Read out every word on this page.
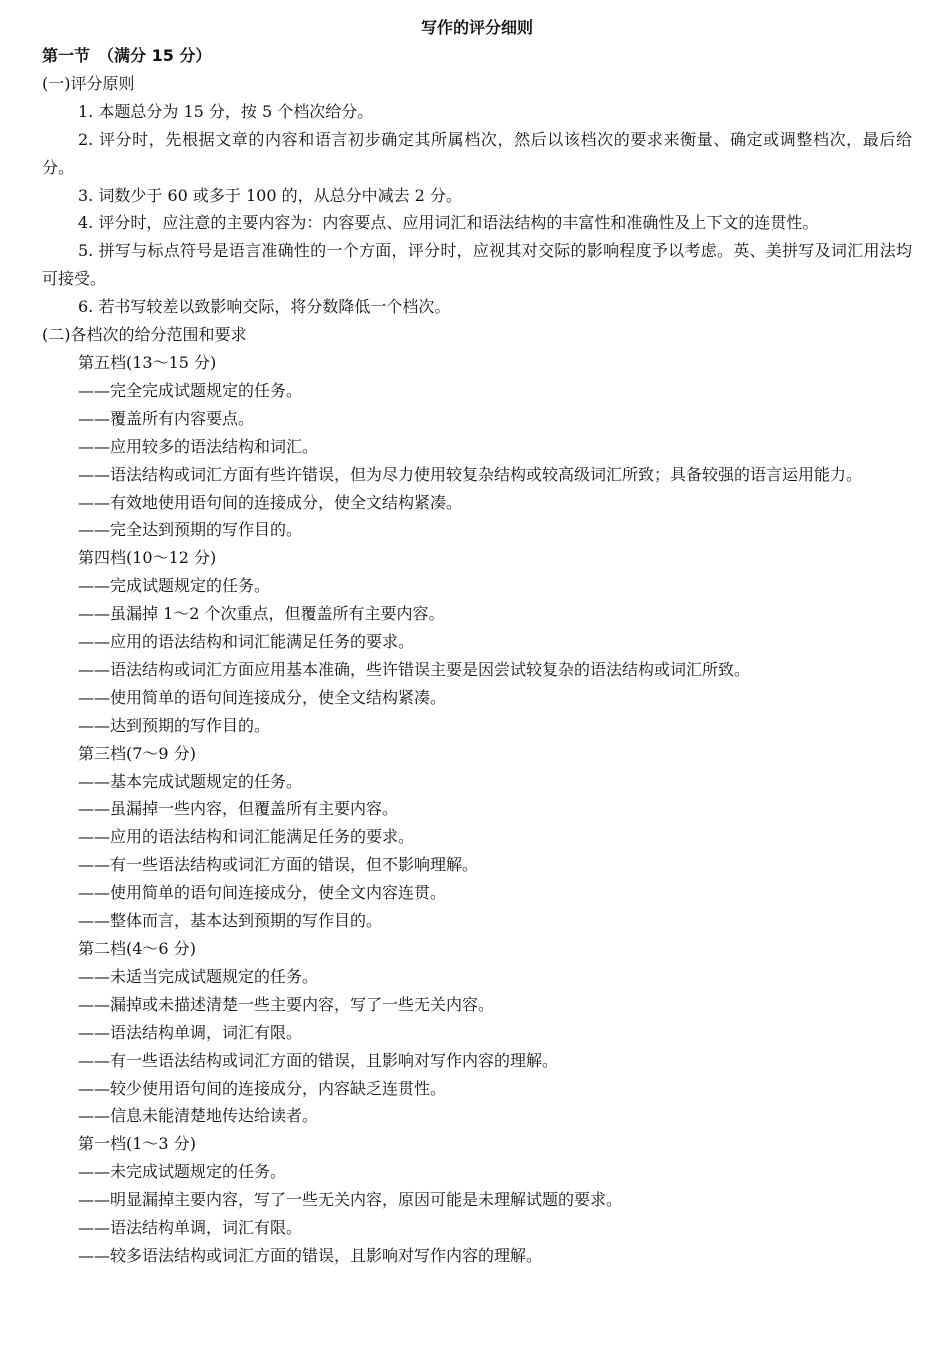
写作的评分细则
第一节　（满分 15 分）
(一)评分原则
1. 本题总分为 15 分，按 5 个档次给分。
2. 评分时，先根据文章的内容和语言初步确定其所属档次，然后以该档次的要求来衡量、确定或调整档次，最后给分。
3. 词数少于 60 或多于 100 的，从总分中减去 2 分。
4. 评分时，应注意的主要内容为：内容要点、应用词汇和语法结构的丰富性和准确性及上下文的连贯性。
5. 拼写与标点符号是语言准确性的一个方面，评分时，应视其对交际的影响程度予以考虑。英、美拼写及词汇用法均可接受。
6. 若书写较差以致影响交际，将分数降低一个档次。
(二)各档次的给分范围和要求
第五档(13～15 分)
——完全完成试题规定的任务。
——覆盖所有内容要点。
——应用较多的语法结构和词汇。
——语法结构或词汇方面有些许错误，但为尽力使用较复杂结构或较高级词汇所致；具备较强的语言运用能力。
——有效地使用语句间的连接成分，使全文结构紧凑。
——完全达到预期的写作目的。
第四档(10～12 分)
——完成试题规定的任务。
——虽漏掉 1～2 个次重点，但覆盖所有主要内容。
——应用的语法结构和词汇能满足任务的要求。
——语法结构或词汇方面应用基本准确，些许错误主要是因尝试较复杂的语法结构或词汇所致。
——使用简单的语句间连接成分，使全文结构紧凑。
——达到预期的写作目的。
第三档(7～9 分)
——基本完成试题规定的任务。
——虽漏掉一些内容，但覆盖所有主要内容。
——应用的语法结构和词汇能满足任务的要求。
——有一些语法结构或词汇方面的错误，但不影响理解。
——使用简单的语句间连接成分，使全文内容连贯。
——整体而言，基本达到预期的写作目的。
第二档(4～6 分)
——未适当完成试题规定的任务。
——漏掉或未描述清楚一些主要内容，写了一些无关内容。
——语法结构单调，词汇有限。
——有一些语法结构或词汇方面的错误，且影响对写作内容的理解。
——较少使用语句间的连接成分，内容缺乏连贯性。
——信息未能清楚地传达给读者。
第一档(1～3 分)
——未完成试题规定的任务。
——明显漏掉主要内容，写了一些无关内容，原因可能是未理解试题的要求。
——语法结构单调，词汇有限。
——较多语法结构或词汇方面的错误，且影响对写作内容的理解。
